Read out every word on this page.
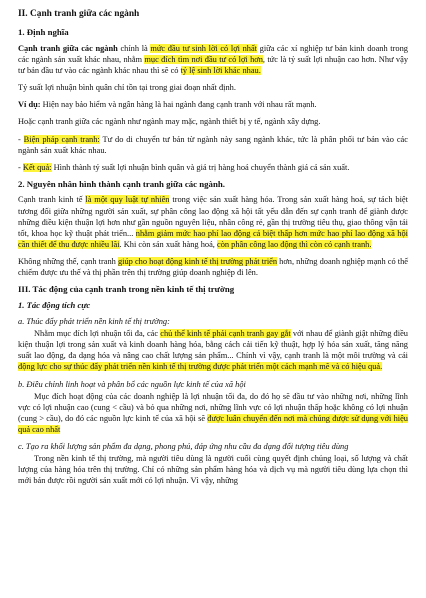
II. Cạnh tranh giữa các ngành
1. Định nghĩa

Cạnh tranh giữa các ngành chính là mức đầu tư sinh lời có lợi nhất giữa các xí nghiệp tư bản kinh doanh trong các ngành sản xuất khác nhau, nhằm mục đích tìm nơi đầu tư có lợi hơn, tức là tỷ suất lợi nhuận cao hơn. Như vậy tư bản đầu tư vào các ngành khác nhau thì sẽ có tỷ lệ sinh lời khác nhau.

Tỷ suất lợi nhuận bình quân chỉ tồn tại trong giai đoạn nhất định.

Ví dụ: Hiện nay bảo hiểm và ngân hàng là hai ngành đang cạnh tranh với nhau rất mạnh.

Hoặc cạnh tranh giữa các ngành như ngành may mặc, ngành thiết bị y tế, ngành xây dựng.

- Biện pháp cạnh tranh: Tư do di chuyển tư bản từ ngành này sang ngành khác, tức là phân phối tư bản vào các ngành sản xuất khác nhau.

- Kết quả: Hình thành tỷ suất lợi nhuận bình quân và giá trị hàng hoá chuyển thành giá cả sản xuất.

2. Nguyên nhân hình thành cạnh tranh giữa các ngành.

Cạnh tranh kinh tế là một quy luật tự nhiên trong việc sản xuất hàng hóa. Trong sản xuất hàng hoá, sự tách biệt tương đối giữa những người sản xuất, sự phân công lao động xã hội tất yếu dẫn đến sự cạnh tranh để giành được những điều kiện thuận lợi hơn như gần nguồn nguyên liệu, nhân công rẻ, gần thị trường tiêu thụ, giao thông vận tải tốt, khoa học kỹ thuật phát triển... nhằm giảm mức hao phí lao động cá biệt thấp hơn mức hao phí lao động xã hội cần thiết để thu được nhiều lãi. Khi còn sản xuất hàng hoá, còn phân công lao động thì còn có cạnh tranh.

Không những thế, cạnh tranh giúp cho hoạt động kinh tế thị trường phát triển hơn, những doanh nghiệp mạnh có thế chiếm được ưu thế và thị phần trên thị trường giúp doanh nghiệp đi lên.

III. Tác động của cạnh tranh trong nền kinh tế thị trường
1. Tác động tích cực
a. Thúc đẩy phát triển nền kinh tế thị trường:

Nhằm mục đích lợi nhuận tối đa, các chủ thể kinh tế phải cạnh tranh gay gắt với nhau để giành giật những điều kiện thuận lợi trong sản xuất và kinh doanh hàng hóa, bằng cách cải tiến kỹ thuật, hợp lý hóa sản xuất, tăng năng suất lao động, đa dạng hóa và nâng cao chất lượng sản phẩm... Chính vì vậy, cạnh tranh là một môi trường và cái động lực cho sự thúc đẩy phát triển nền kinh tế thị trường được phát triển một cách mạnh mẽ và có hiệu quả.

b. Điều chỉnh linh hoạt và phân bổ các nguồn lực kinh tế của xã hội

Mục đích hoạt động của các doanh nghiệp là lợi nhuận tối đa, do đó họ sẽ đầu tư vào những nơi, những lĩnh vực có lợi nhuận cao (cung < cầu) và bỏ qua những nơi, những lĩnh vực có lợi nhuận thấp hoặc không có lợi nhuận (cung > cầu), do đó các nguồn lực kinh tế của xã hội sẽ được luân chuyển đến nơi mà chúng được sử dụng với hiệu quả cao nhất

c. Tạo ra khối lượng sản phẩm đa dạng, phong phú, đáp ứng nhu cầu đa dạng đối tượng tiêu dùng

Trong nền kinh tế thị trường, mà người tiêu dùng là người cuối cùng quyết định chủng loại, số lượng và chất lượng của hàng hóa trên thị trường. Chỉ có những sản phẩm hàng hóa và dịch vụ mà người tiêu dùng lựa chọn thì mới bán được rồi người sản xuất mới có lợi nhuận. Vì vậy, những
